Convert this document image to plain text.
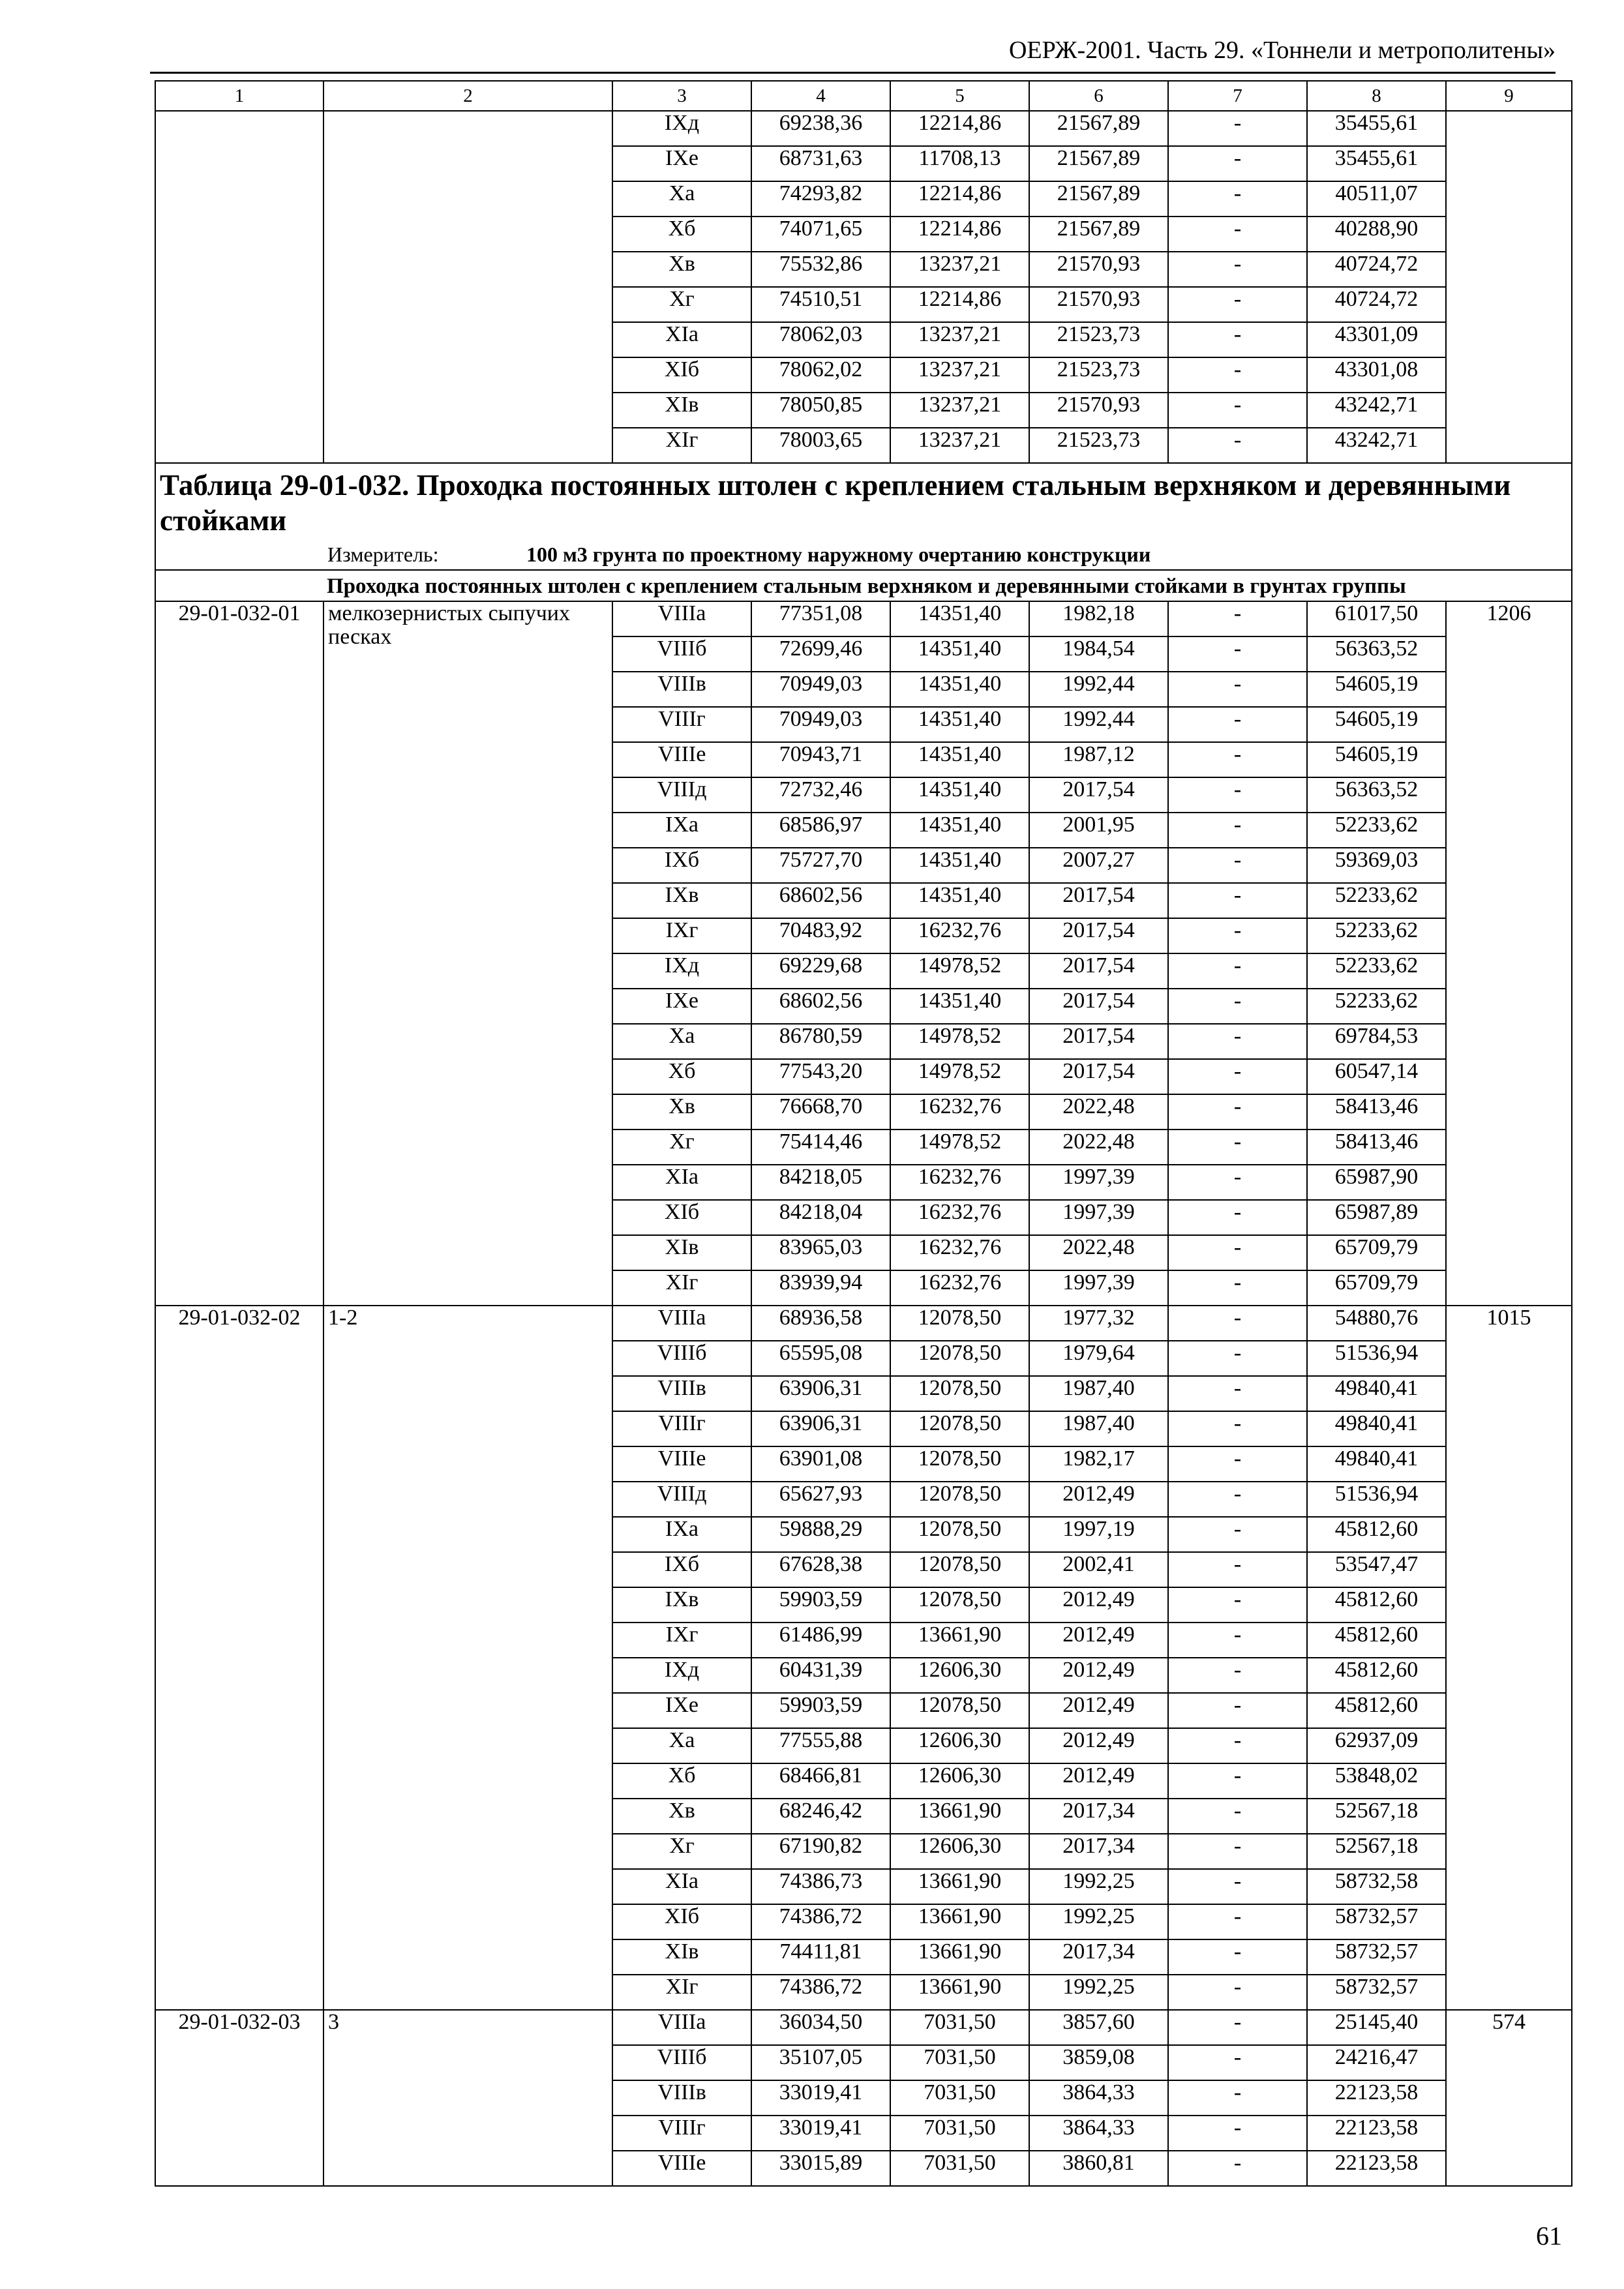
ОЕРЖ-2001. Часть 29. «Тоннели и метрополитены»
1	2	3	4	5	6	7	8	9
		IXд	69238,36	12214,86	21567,89	-	35455,61	
		IXе	68731,63	11708,13	21567,89	-	35455,61	
		Xа	74293,82	12214,86	21567,89	-	40511,07	
		Xб	74071,65	12214,86	21567,89	-	40288,90	
		Xв	75532,86	13237,21	21570,93	-	40724,72	
		Xг	74510,51	12214,86	21570,93	-	40724,72	
		XIа	78062,03	13237,21	21523,73	-	43301,09	
		XIб	78062,02	13237,21	21523,73	-	43301,08	
		XIв	78050,85	13237,21	21570,93	-	43242,71	
		XIг	78003,65	13237,21	21523,73	-	43242,71	
Таблица 29-01-032. Проходка постоянных штолен с креплением стальным верхняком и деревянными стойками								
Измеритель: 100 м3 грунта по проектному наружному очертанию конструкции								
Проходка постоянных штолен с креплением стальным верхняком и деревянными стойками в грунтах группы								
29-01-032-01	мелкозернистых сыпучих песках	VIIIа	77351,08	14351,40	1982,18	-	61017,50	1206
		VIIIб	72699,46	14351,40	1984,54	-	56363,52	
		VIIIв	70949,03	14351,40	1992,44	-	54605,19	
		VIIIг	70949,03	14351,40	1992,44	-	54605,19	
		VIIIе	70943,71	14351,40	1987,12	-	54605,19	
		VIIIд	72732,46	14351,40	2017,54	-	56363,52	
		IXа	68586,97	14351,40	2001,95	-	52233,62	
		IXб	75727,70	14351,40	2007,27	-	59369,03	
		IXв	68602,56	14351,40	2017,54	-	52233,62	
		IXг	70483,92	16232,76	2017,54	-	52233,62	
		IXд	69229,68	14978,52	2017,54	-	52233,62	
		IXе	68602,56	14351,40	2017,54	-	52233,62	
		Xа	86780,59	14978,52	2017,54	-	69784,53	
		Xб	77543,20	14978,52	2017,54	-	60547,14	
		Xв	76668,70	16232,76	2022,48	-	58413,46	
		Xг	75414,46	14978,52	2022,48	-	58413,46	
		XIа	84218,05	16232,76	1997,39	-	65987,90	
		XIб	84218,04	16232,76	1997,39	-	65987,89	
		XIв	83965,03	16232,76	2022,48	-	65709,79	
		XIг	83939,94	16232,76	1997,39	-	65709,79	
29-01-032-02	1-2	VIIIа	68936,58	12078,50	1977,32	-	54880,76	1015
		VIIIб	65595,08	12078,50	1979,64	-	51536,94	
		VIIIв	63906,31	12078,50	1987,40	-	49840,41	
		VIIIг	63906,31	12078,50	1987,40	-	49840,41	
		VIIIе	63901,08	12078,50	1982,17	-	49840,41	
		VIIIд	65627,93	12078,50	2012,49	-	51536,94	
		IXа	59888,29	12078,50	1997,19	-	45812,60	
		IXб	67628,38	12078,50	2002,41	-	53547,47	
		IXв	59903,59	12078,50	2012,49	-	45812,60	
		IXг	61486,99	13661,90	2012,49	-	45812,60	
		IXд	60431,39	12606,30	2012,49	-	45812,60	
		IXе	59903,59	12078,50	2012,49	-	45812,60	
		Xа	77555,88	12606,30	2012,49	-	62937,09	
		Xб	68466,81	12606,30	2012,49	-	53848,02	
		Xв	68246,42	13661,90	2017,34	-	52567,18	
		Xг	67190,82	12606,30	2017,34	-	52567,18	
		XIа	74386,73	13661,90	1992,25	-	58732,58	
		XIб	74386,72	13661,90	1992,25	-	58732,57	
		XIв	74411,81	13661,90	2017,34	-	58732,57	
		XIг	74386,72	13661,90	1992,25	-	58732,57	
29-01-032-03	3	VIIIа	36034,50	7031,50	3857,60	-	25145,40	574
		VIIIб	35107,05	7031,50	3859,08	-	24216,47	
		VIIIв	33019,41	7031,50	3864,33	-	22123,58	
		VIIIг	33019,41	7031,50	3864,33	-	22123,58	
		VIIIе	33015,89	7031,50	3860,81	-	22123,58	
61
